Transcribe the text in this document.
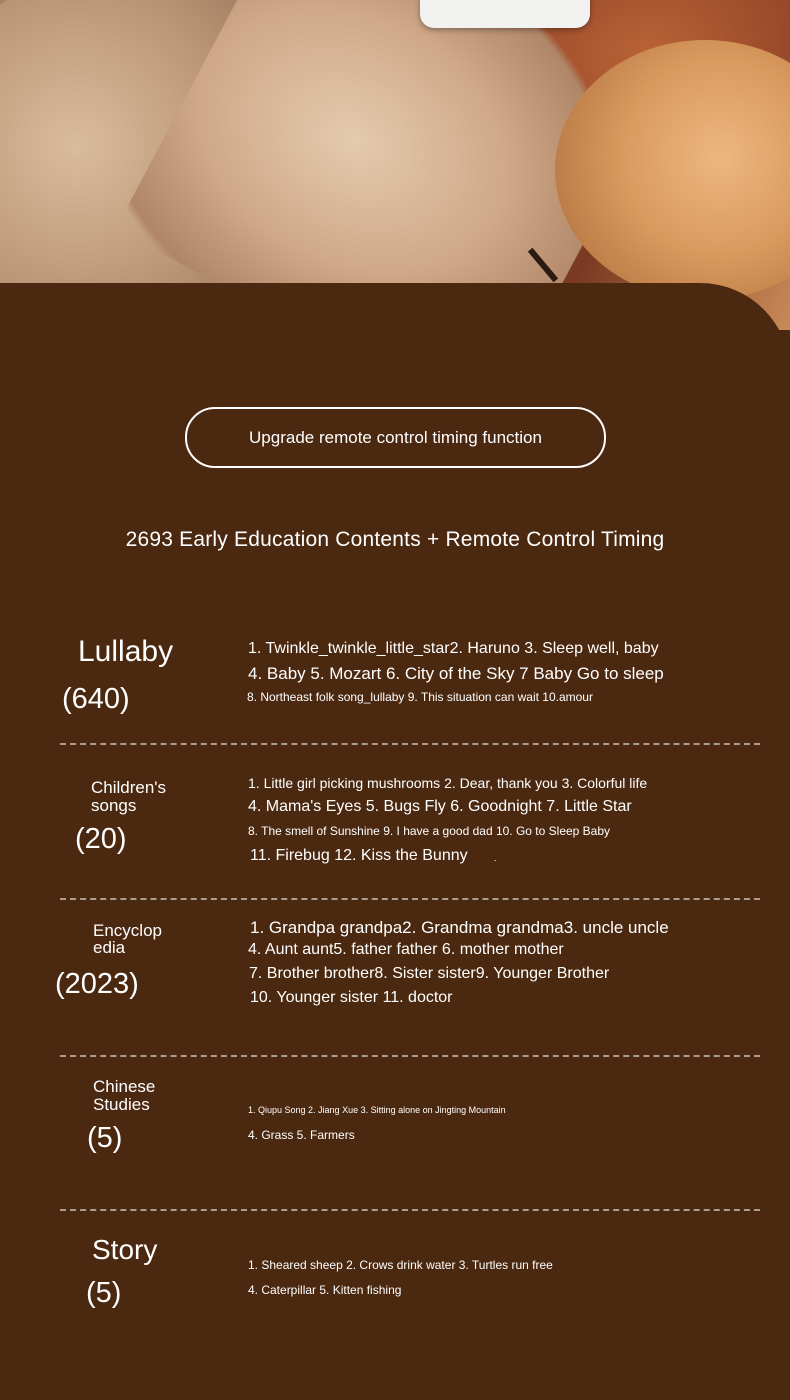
Upgrade remote control timing function
2693 Early Education Contents + Remote Control Timing
Lullaby
(640)
1. Twinkle_twinkle_little_star2. Haruno 3. Sleep well, baby
4. Baby 5. Mozart 6. City of the Sky 7 Baby Go to sleep
8. Northeast folk song_lullaby 9. This situation can wait 10.amour
Children's
songs
(20)
1. Little girl picking mushrooms 2. Dear, thank you 3. Colorful life
4. Mama's Eyes 5. Bugs Fly 6. Goodnight 7. Little Star
8. The smell of Sunshine 9. I have a good dad 10. Go to Sleep Baby
11. Firebug 12. Kiss the Bunny	.
Encyclop
edia
(2023)
1. Grandpa grandpa2. Grandma grandma3. uncle uncle
4. Aunt aunt5. father father 6. mother mother
7. Brother brother8. Sister sister9. Younger Brother
10. Younger sister 11. doctor
Chinese
Studies
(5)
1. Qiupu Song 2. Jiang Xue 3. Sitting alone on Jingting Mountain
4. Grass 5. Farmers
Story
(5)
1. Sheared sheep 2. Crows drink water 3. Turtles run free
4. Caterpillar 5. Kitten fishing
